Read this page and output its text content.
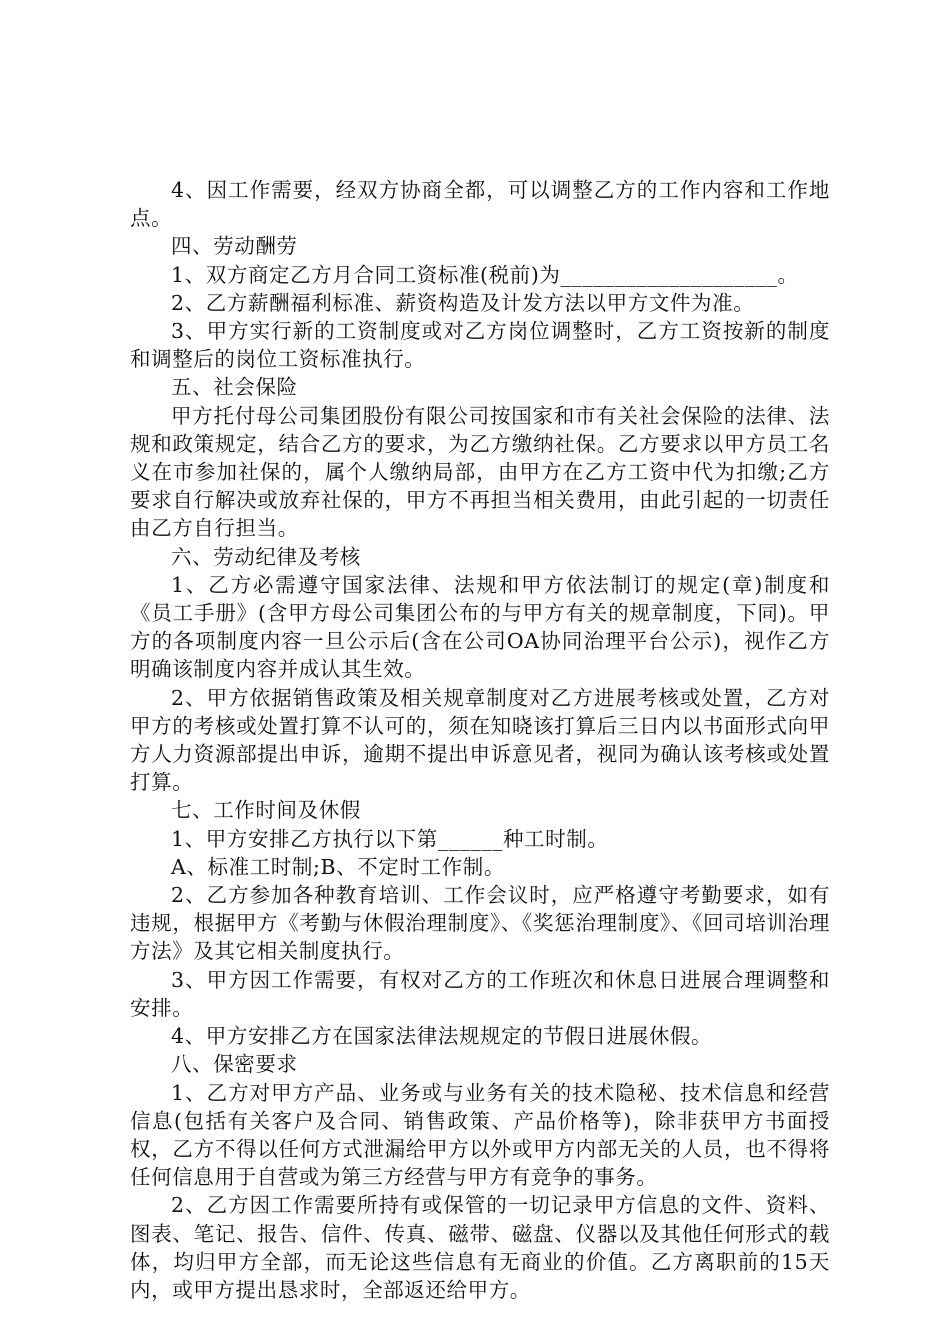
4、因工作需要，经双方协商全都，可以调整乙方的工作内容和工作地点。

四、劳动酬劳

1、双方商定乙方月合同工资标准(税前)为____________________。

2、乙方薪酬福利标准、薪资构造及计发方法以甲方文件为准。

3、甲方实行新的工资制度或对乙方岗位调整时，乙方工资按新的制度和调整后的岗位工资标准执行。

五、社会保险

甲方托付母公司集团股份有限公司按国家和市有关社会保险的法律、法规和政策规定，结合乙方的要求，为乙方缴纳社保。乙方要求以甲方员工名义在市参加社保的，属个人缴纳局部，由甲方在乙方工资中代为扣缴;乙方要求自行解决或放弃社保的，甲方不再担当相关费用，由此引起的一切责任由乙方自行担当。

六、劳动纪律及考核

1、乙方必需遵守国家法律、法规和甲方依法制订的规定(章)制度和《员工手册》(含甲方母公司集团公布的与甲方有关的规章制度，下同)。甲方的各项制度内容一旦公示后(含在公司OA协同治理平台公示)，视作乙方明确该制度内容并成认其生效。

2、甲方依据销售政策及相关规章制度对乙方进展考核或处置，乙方对甲方的考核或处置打算不认可的，须在知晓该打算后三日内以书面形式向甲方人力资源部提出申诉，逾期不提出申诉意见者，视同为确认该考核或处置打算。

七、工作时间及休假

1、甲方安排乙方执行以下第______种工时制。

A、标准工时制;B、不定时工作制。

2、乙方参加各种教育培训、工作会议时，应严格遵守考勤要求，如有违规，根据甲方《考勤与休假治理制度》、《奖惩治理制度》、《回司培训治理方法》及其它相关制度执行。

3、甲方因工作需要，有权对乙方的工作班次和休息日进展合理调整和安排。

4、甲方安排乙方在国家法律法规规定的节假日进展休假。

八、保密要求

1、乙方对甲方产品、业务或与业务有关的技术隐秘、技术信息和经营信息(包括有关客户及合同、销售政策、产品价格等)，除非获甲方书面授权，乙方不得以任何方式泄漏给甲方以外或甲方内部无关的人员，也不得将任何信息用于自营或为第三方经营与甲方有竞争的事务。

2、乙方因工作需要所持有或保管的一切记录甲方信息的文件、资料、图表、笔记、报告、信件、传真、磁带、磁盘、仪器以及其他任何形式的载体，均归甲方全部，而无论这些信息有无商业的价值。乙方离职前的15天内，或甲方提出恳求时，全部返还给甲方。
